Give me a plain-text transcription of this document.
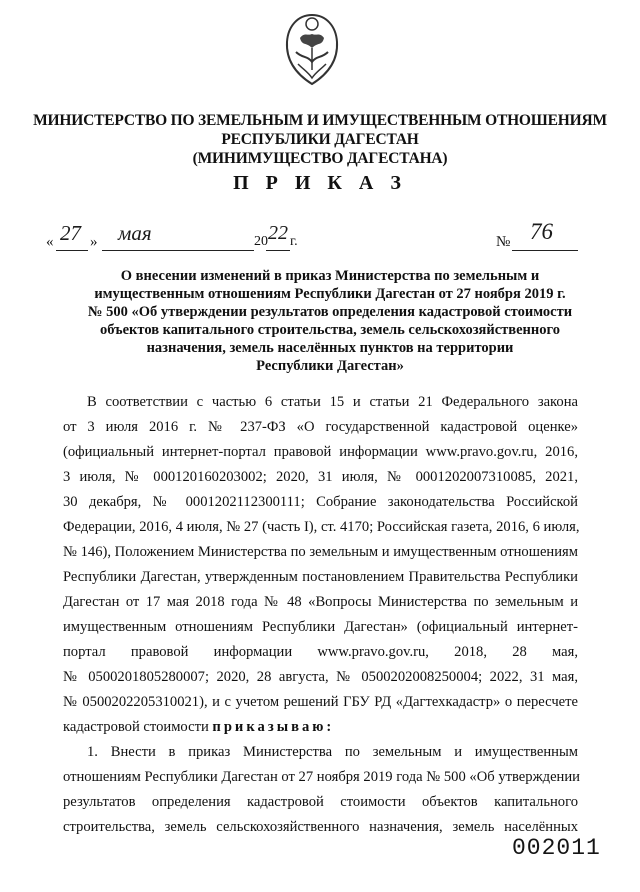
МИНИСТЕРСТВО ПО ЗЕМЕЛЬНЫМ И ИМУЩЕСТВЕННЫМ ОТНОШЕНИЯМ
РЕСПУБЛИКИ ДАГЕСТАН
(МИНИМУЩЕСТВО ДАГЕСТАНА)
П Р И К А З
« 27 » мая	20 22 г.	№ 76
О внесении изменений в приказ Министерства по земельным и
имущественным отношениям Республики Дагестан от 27 ноября 2019 г.
№ 500 «Об утверждении результатов определения кадастровой стоимости
объектов капитального строительства, земель сельскохозяйственного
назначения, земель населённых пунктов на территории
Республики Дагестан»
В соответствии с частью 6 статьи 15 и статьи 21 Федерального закона
от 3 июля 2016 г. № 237-ФЗ «О государственной кадастровой оценке»
(официальный интернет-портал правовой информации www.pravo.gov.ru, 2016,
3 июля, № 000120160203002; 2020, 31 июля, № 0001202007310085, 2021,
30 декабря, № 0001202112300111; Собрание законодательства Российской
Федерации, 2016, 4 июля, № 27 (часть I), ст. 4170; Российская газета, 2016, 6 июля,
№ 146), Положением Министерства по земельным и имущественным отношениям
Республики Дагестан, утвержденным постановлением Правительства Республики
Дагестан от 17 мая 2018 года № 48 «Вопросы Министерства по земельным и
имущественным отношениям Республики Дагестан» (официальный интернет-
портал правовой информации www.pravo.gov.ru, 2018, 28 мая,
№ 0500201805280007; 2020, 28 августа, № 0500202008250004; 2022, 31 мая,
№ 0500202205310021), и с учетом решений ГБУ РД «Дагтехкадастр» о пересчете
кадастровой стоимости приказываю:
1. Внести в приказ Министерства по земельным и имущественным
отношениям Республики Дагестан от 27 ноября 2019 года № 500 «Об утверждении
результатов определения кадастровой стоимости объектов капитального
строительства, земель сельскохозяйственного назначения, земель населённых
002011
